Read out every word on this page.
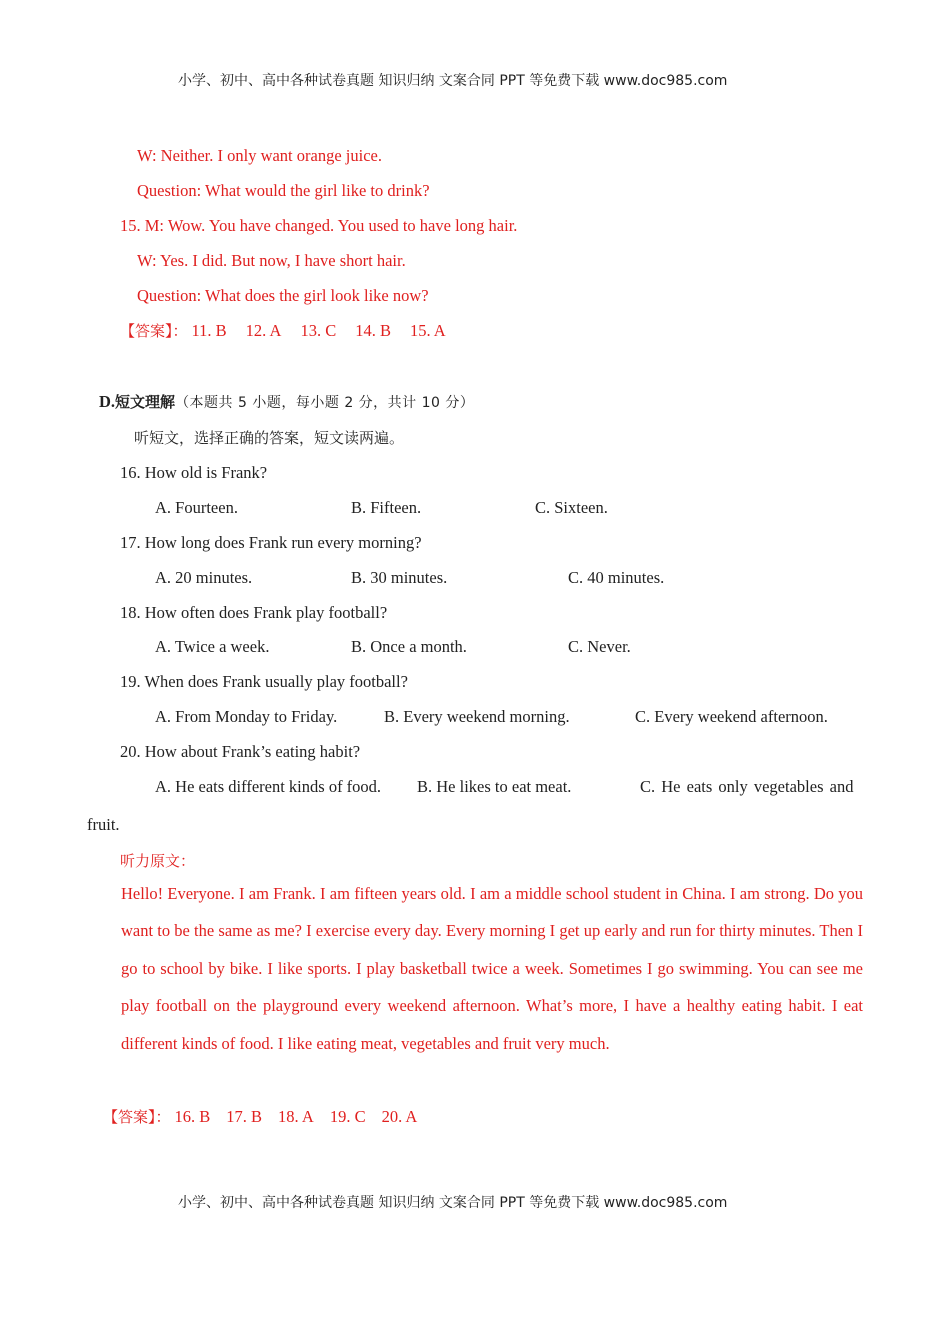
小学、初中、高中各种试卷真题 知识归纳 文案合同 PPT 等免费下载 www.doc985.com
W: Neither. I only want orange juice.
Question: What would the girl like to drink?
15. M: Wow. You have changed. You used to have long hair.
W: Yes. I did. But now, I have short hair.
Question: What does the girl look like now?
【答案】： 11. B 12. A 13. C 14. B 15. A
D.短文理解（本题共 5 小题，每小题 2 分，共计 10 分）
听短文，选择正确的答案，短文读两遍。
16. How old is Frank?
A. Fourteen.	B. Fifteen.	C. Sixteen.
17. How long does Frank run every morning?
A. 20 minutes.	B. 30 minutes.	C. 40 minutes.
18. How often does Frank play football?
A. Twice a week.	B. Once a month.	C. Never.
19. When does Frank usually play football?
A. From Monday to Friday.	B. Every weekend morning.	C. Every weekend afternoon.
20. How about Frank’s eating habit?
A. He eats different kinds of food. B. He likes to eat meat.	C. He eats only vegetables and
fruit.
听力原文：
Hello! Everyone. I am Frank. I am fifteen years old. I am a middle school student in China. I am strong. Do you want to be the same as me? I exercise every day. Every morning I get up early and run for thirty minutes. Then I go to school by bike. I like sports. I play basketball twice a week. Sometimes I go swimming. You can see me play football on the playground every weekend afternoon. What’s more, I have a healthy eating habit. I eat different kinds of food. I like eating meat, vegetables and fruit very much.
【答案】： 16. B 17. B 18. A 19. C 20. A
小学、初中、高中各种试卷真题 知识归纳 文案合同 PPT 等免费下载 www.doc985.com
